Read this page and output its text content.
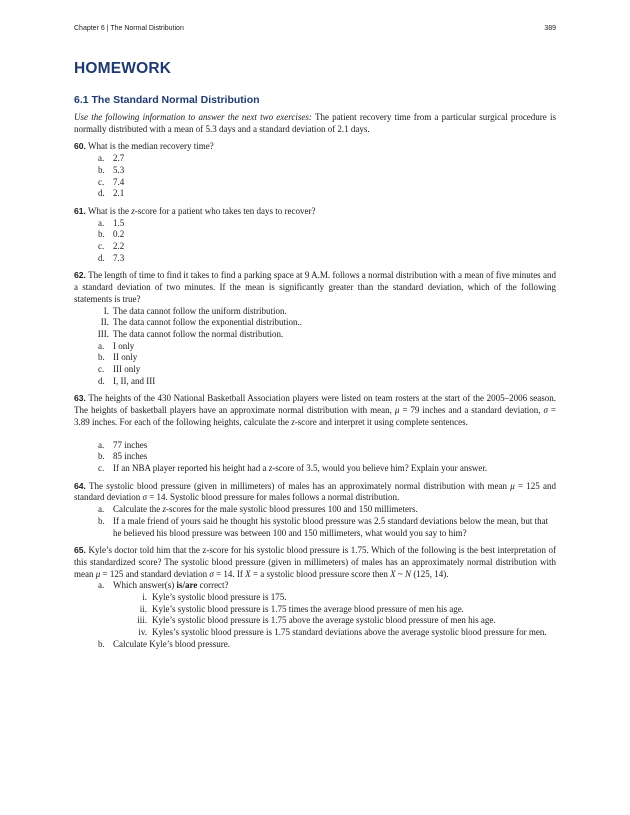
Chapter 6 | The Normal Distribution	389
HOMEWORK
6.1 The Standard Normal Distribution

Use the following information to answer the next two exercises: The patient recovery time from a particular surgical procedure is normally distributed with a mean of 5.3 days and a standard deviation of 2.1 days.

60. What is the median recovery time?

a. 2.7
b. 5.3
c. 7.4
d. 2.1

61. What is the z-score for a patient who takes ten days to recover?

a. 1.5
b. 0.2
c. 2.2
d. 7.3

62. The length of time to find it takes to find a parking space at 9 A.M. follows a normal distribution with a mean of five minutes and a standard deviation of two minutes. If the mean is significantly greater than the standard deviation, which of the following statements is true?

I. The data cannot follow the uniform distribution.
II. The data cannot follow the exponential distribution..
III. The data cannot follow the normal distribution.
a. I only
b. II only
c. III only
d. I, II, and III

63. The heights of the 430 National Basketball Association players were listed on team rosters at the start of the 2005–2006 season. The heights of basketball players have an approximate normal distribution with mean, μ = 79 inches and a standard deviation, σ = 3.89 inches. For each of the following heights, calculate the z-score and interpret it using complete sentences.

a. 77 inches
b. 85 inches
c. If an NBA player reported his height had a z-score of 3.5, would you believe him? Explain your answer.

64. The systolic blood pressure (given in millimeters) of males has an approximately normal distribution with mean μ = 125 and standard deviation σ = 14. Systolic blood pressure for males follows a normal distribution.

a. Calculate the z-scores for the male systolic blood pressures 100 and 150 millimeters.
b. If a male friend of yours said he thought his systolic blood pressure was 2.5 standard deviations below the mean, but that he believed his blood pressure was between 100 and 150 millimeters, what would you say to him?

65. Kyle’s doctor told him that the z-score for his systolic blood pressure is 1.75. Which of the following is the best interpretation of this standardized score? The systolic blood pressure (given in millimeters) of males has an approximately normal distribution with mean μ = 125 and standard deviation σ = 14. If X = a systolic blood pressure score then X ~ N (125, 14).

a. Which answer(s) is/are correct?
i. Kyle’s systolic blood pressure is 175.
ii. Kyle’s systolic blood pressure is 1.75 times the average blood pressure of men his age.
iii. Kyle’s systolic blood pressure is 1.75 above the average systolic blood pressure of men his age.
iv. Kyles’s systolic blood pressure is 1.75 standard deviations above the average systolic blood pressure for men.
b. Calculate Kyle’s blood pressure.
